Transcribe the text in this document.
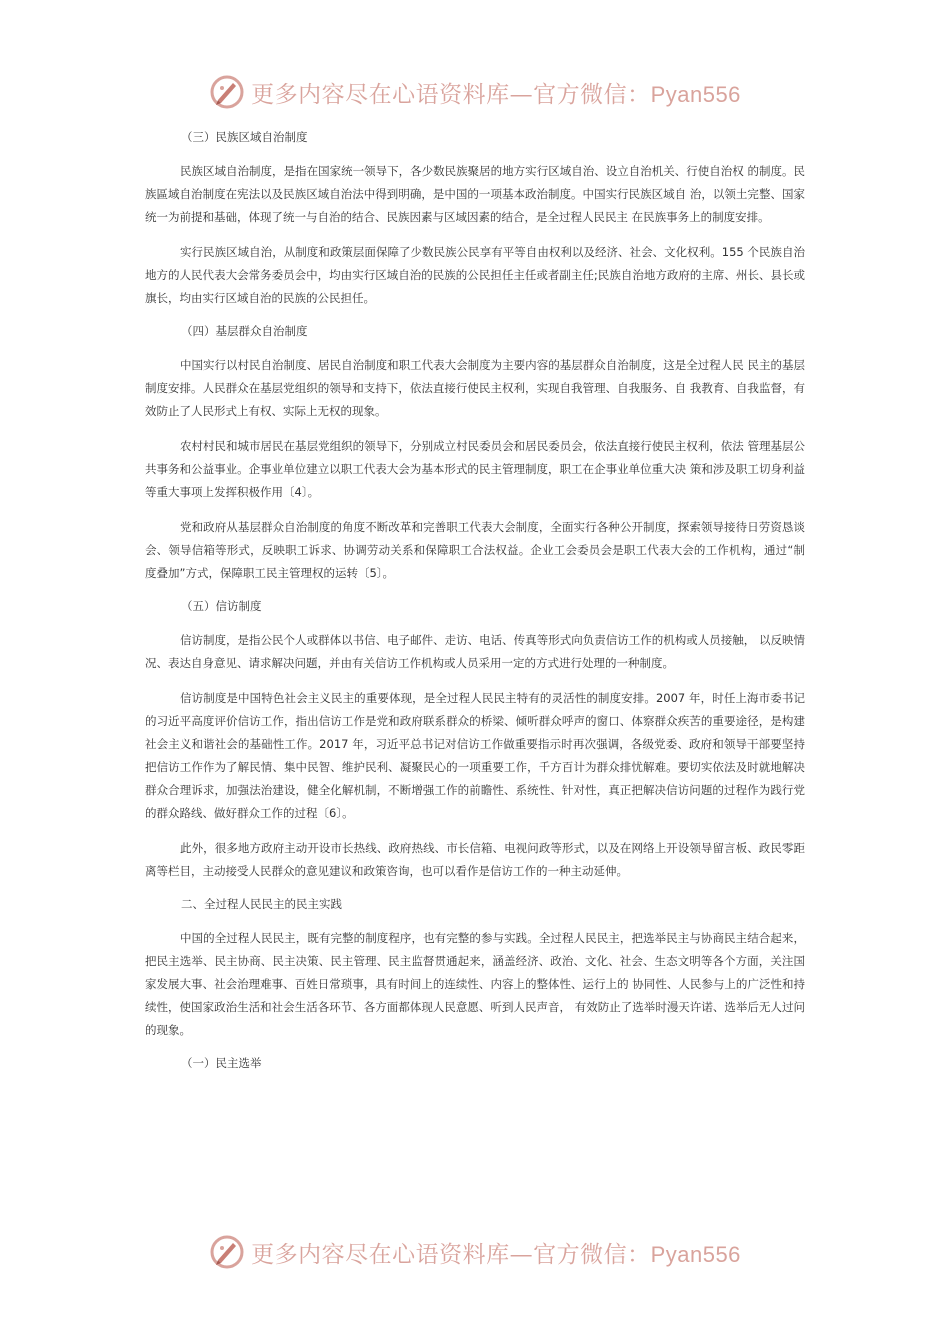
更多内容尽在心语资料库—官方微信：Pyan556
（三）民族区域自治制度

民族区域自治制度，是指在国家统一领导下，各少数民族聚居的地方实行区域自治、设立自治机关、行使自治权 的制度。民族區域自治制度在宪法以及民族区域自治法中得到明确，是中国的一项基本政治制度。中国实行民族区域自 治，以领土完整、国家统一为前提和基础，体现了统一与自治的结合、民族因素与区域因素的结合，是全过程人民民主 在民族事务上的制度安排。

实行民族区域自治，从制度和政策层面保障了少数民族公民享有平等自由权利以及经济、社会、文化权利。155 个民族自治地方的人民代表大会常务委员会中，均由实行区域自治的民族的公民担任主任或者副主任;民族自治地方政府的主席、州长、县长或旗长，均由实行区域自治的民族的公民担任。

（四）基层群众自治制度

中国实行以村民自治制度、居民自治制度和职工代表大会制度为主要内容的基层群众自治制度，这是全过程人民 民主的基层制度安排。人民群众在基层党组织的领导和支持下，依法直接行使民主权利，实现自我管理、自我服务、自 我教育、自我监督，有效防止了人民形式上有权、实际上无权的现象。

农村村民和城市居民在基层党组织的领导下，分别成立村民委员会和居民委员会，依法直接行使民主权利，依法 管理基层公共事务和公益事业。企事业单位建立以职工代表大会为基本形式的民主管理制度，职工在企事业单位重大决 策和涉及职工切身利益等重大事项上发挥积极作用〔4〕。

党和政府从基层群众自治制度的角度不断改革和完善职工代表大会制度，全面实行各种公开制度，探索领导接待日劳资恳谈会、领导信箱等形式，反映职工诉求、协调劳动关系和保障职工合法权益。企业工会委员会是职工代表大会的工作机构，通过“制度叠加”方式，保障职工民主管理权的运转〔5〕。

（五）信访制度

信访制度，是指公民个人或群体以书信、电子邮件、走访、电话、传真等形式向负责信访工作的机构或人员接触， 以反映情况、表达自身意见、请求解决问题，并由有关信访工作机构或人员采用一定的方式进行处理的一种制度。

信访制度是中国特色社会主义民主的重要体现，是全过程人民民主特有的灵活性的制度安排。2007 年，时任上海市委书记的习近平高度评价信访工作，指出信访工作是党和政府联系群众的桥梁、倾听群众呼声的窗口、体察群众疾苦的重要途径，是构建社会主义和谐社会的基础性工作。2017 年，习近平总书记对信访工作做重要指示时再次强调，各级党委、政府和领导干部要坚持把信访工作作为了解民情、集中民智、维护民利、凝聚民心的一项重要工作，千方百计为群众排忧解难。要切实依法及时就地解决群众合理诉求，加强法治建设，健全化解机制，不断增强工作的前瞻性、系统性、针对性，真正把解决信访问题的过程作为践行党的群众路线、做好群众工作的过程〔6〕。

此外，很多地方政府主动开设市长热线、政府热线、市长信箱、电视问政等形式，以及在网络上开设领导留言板、政民零距离等栏目，主动接受人民群众的意见建议和政策咨询，也可以看作是信访工作的一种主动延伸。

二、全过程人民民主的民主实践

中国的全过程人民民主，既有完整的制度程序，也有完整的参与实践。全过程人民民主，把选举民主与协商民主结合起来，把民主选举、民主协商、民主决策、民主管理、民主监督贯通起来，涵盖经济、政治、文化、社会、生态文明等各个方面，关注国家发展大事、社会治理难事、百姓日常琐事，具有时间上的连续性、内容上的整体性、运行上的 协同性、人民参与上的广泛性和持续性，使国家政治生活和社会生活各环节、各方面都体现人民意愿、听到人民声音， 有效防止了选举时漫天许诺、选举后无人过问的现象。

（一）民主选举
更多内容尽在心语资料库—官方微信：Pyan556
